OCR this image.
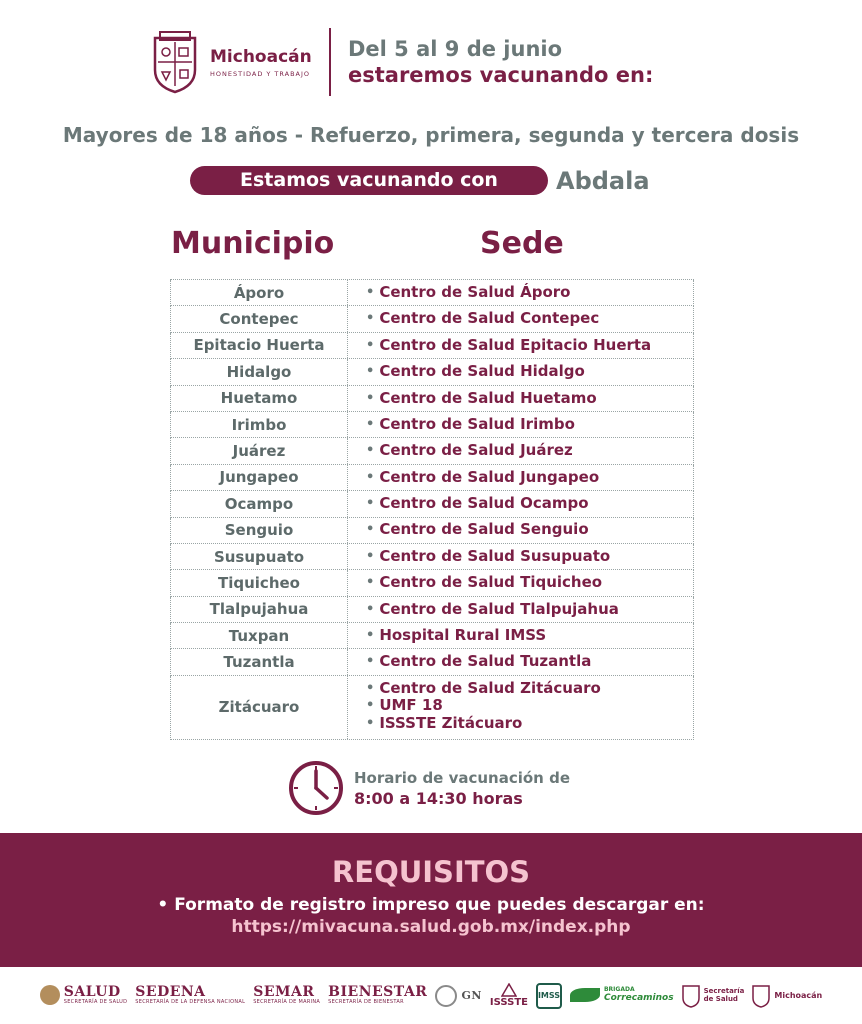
Michoacán
HONESTIDAD Y TRABAJO
Del 5 al 9 de junio
estaremos vacunando en:
Mayores de 18 años - Refuerzo, primera, segunda y tercera dosis
Estamos vacunando con	Abdala
Municipio	Sede
Áporo	• Centro de Salud Áporo
Contepec	• Centro de Salud Contepec
Epitacio Huerta	• Centro de Salud Epitacio Huerta
Hidalgo	• Centro de Salud Hidalgo
Huetamo	• Centro de Salud Huetamo
Irimbo	• Centro de Salud Irimbo
Juárez	• Centro de Salud Juárez
Jungapeo	• Centro de Salud Jungapeo
Ocampo	• Centro de Salud Ocampo
Senguio	• Centro de Salud Senguio
Susupuato	• Centro de Salud Susupuato
Tiquicheo	• Centro de Salud Tiquicheo
Tlalpujahua	• Centro de Salud Tlalpujahua
Tuxpan	• Hospital Rural IMSS
Tuzantla	• Centro de Salud Tuzantla
Zitácuaro
• Centro de Salud Zitácuaro
• UMF 18
• ISSSTE Zitácuaro
Horario de vacunación de
8:00 a 14:30 horas
REQUISITOS
• Formato de registro impreso que puedes descargar en:
https://mivacuna.salud.gob.mx/index.php
SALUD
SECRETARÍA DE SALUD
SEDENA
SECRETARÍA DE LA DEFENSA NACIONAL
SEMAR
SECRETARÍA DE MARINA
BIENESTAR
SECRETARÍA DE BIENESTAR
GN
ISSSTE
IMSS
BRIGADA
Correcaminos
Secretaría
de Salud	Michoacán
